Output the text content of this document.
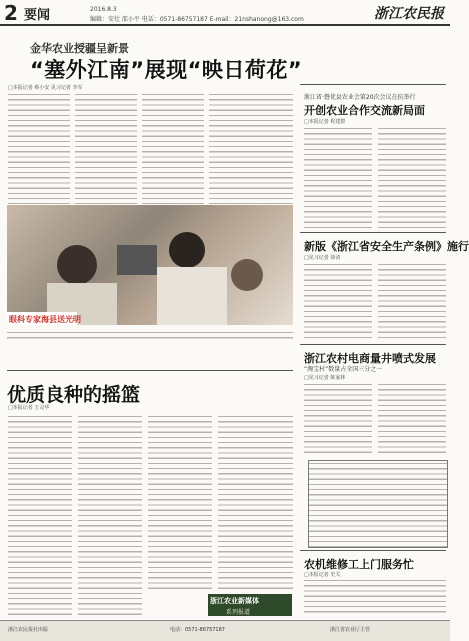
2 要闻	2016.8.3
编辑：安灶 邵小平 电话：0571-86757187 E-mail：21nshanong@163.com	浙江农民报
金华农业授疆呈新景
“塞外江南”展现“映日荷花”
□本报记者 蔡小安 见习记者 李军
眼科专家海县送光明
浙江省·磐优县农业会第20次会议在抗举行
开创农业合作交流新局面
□本报记者 程建群
新版《浙江省安全生产条例》施行
□见习记者 徐清
浙江农村电商量井喷式发展
“淘宝村”数量占全国三分之一
□见习记者 陈家林
农机维修工上门服务忙
□本报记者 史关
优质良种的摇篮
□本报记者 王灵华
浙江农业新媒体
系列报道
浙江农民报社出版	电话：0571-86757187	浙江省农业厅主管
